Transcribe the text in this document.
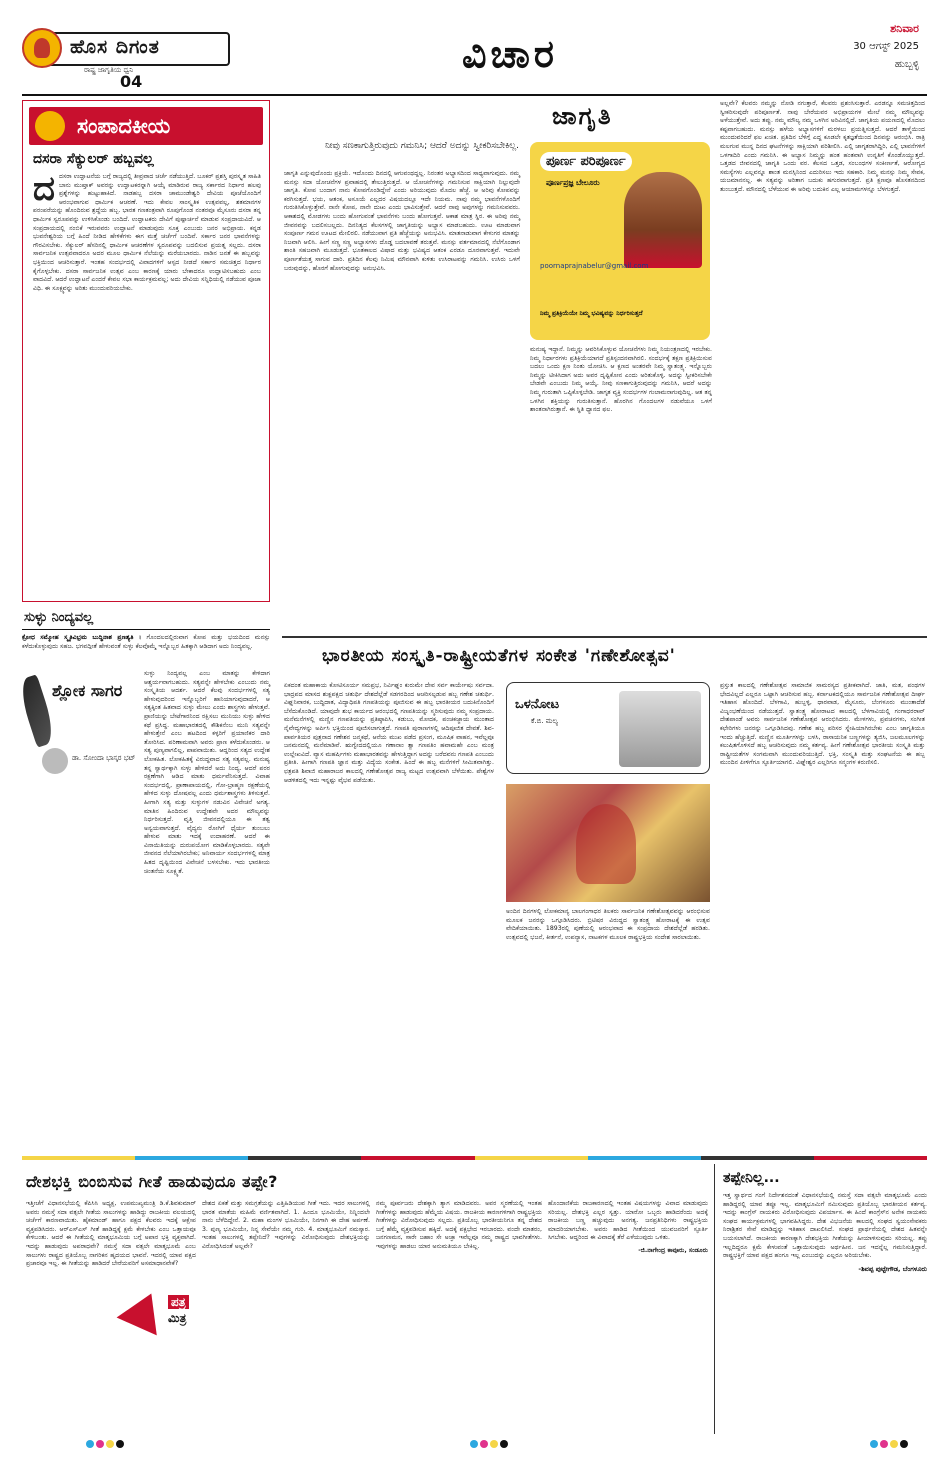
ಹೊಸ ದಿಗಂತ
ರಾಷ್ಟ್ರ ಜಾಗೃತಿಯ ಧ್ವನಿ
04
ವಿಚಾರ
ಶನಿವಾರ
30 ಆಗಸ್ಟ್ 2025
ಹುಬ್ಬಳ್ಳಿ
ಸಂಪಾದಕೀಯ
ದಸರಾ ಸೆಕ್ಯುಲರ್ ಹಬ್ಬವಲ್ಲ
ದದಸರಾ ಉದ್ಘಾಟನೆಯ ಬಗ್ಗೆ ರಾಜ್ಯದಲ್ಲಿ ತೀವ್ರವಾದ ಚರ್ಚೆ ನಡೆಯುತ್ತಿದೆ. ಬೂಕರ್ ಪ್ರಶಸ್ತಿ ಪುರಸ್ಕೃತ ಸಾಹಿತಿ ಬಾನು ಮುಷ್ತಾಕ್ ಅವರನ್ನು ಉದ್ಘಾಟಕರನ್ನಾಗಿ ಆಯ್ಕೆ ಮಾಡಿರುವ ರಾಜ್ಯ ಸರ್ಕಾರದ ನಿರ್ಧಾರ ಹಲವು ಪ್ರಶ್ನೆಗಳನ್ನು ಹುಟ್ಟುಹಾಕಿದೆ. ನಾಡಹಬ್ಬ ದಸರಾ ಚಾಮುಂಡೇಶ್ವರಿ ದೇವಿಯ ಪೂಜೆಯೊಂದಿಗೆ ಆರಂಭವಾಗುವ ಧಾರ್ಮಿಕ ಆಚರಣೆ. ಇದು ಕೇವಲ ಸಾಂಸ್ಕೃತಿಕ ಉತ್ಸವವಲ್ಲ, ಶತಮಾನಗಳ ಪರಂಪರೆಯನ್ನು ಹೊಂದಿರುವ ಶ್ರದ್ಧೆಯ ಹಬ್ಬ. ಭಾರತ ಗಣತಂತ್ರವಾಗಿ ರೂಪುಗೊಂಡ ನಂತರವೂ ಮೈಸೂರು ದಸರಾ ತನ್ನ ಧಾರ್ಮಿಕ ಸ್ವರೂಪವನ್ನು ಉಳಿಸಿಕೊಂಡು ಬಂದಿದೆ. ಉದ್ಘಾಟಕರು ದೇವಿಗೆ ಪುಷ್ಪಾರ್ಚನೆ ಮಾಡುವ ಸಂಪ್ರದಾಯವಿದೆ. ಆ ಸಂಪ್ರದಾಯದಲ್ಲಿ ನಂಬಿಕೆ ಇರುವವರು ಉದ್ಘಾಟನೆ ಮಾಡುವುದು ಸೂಕ್ತ ಎಂಬುದು ಜನರ ಅಭಿಪ್ರಾಯ. ಕನ್ನಡ ಭುವನೇಶ್ವರಿಯ ಬಗ್ಗೆ ಹಿಂದೆ ನೀಡಿದ ಹೇಳಿಕೆಗಳು ಈಗ ಮತ್ತೆ ಚರ್ಚೆಗೆ ಬಂದಿವೆ. ಸರ್ಕಾರ ಜನರ ಭಾವನೆಗಳನ್ನು ಗೌರವಿಸಬೇಕು. ಸೆಕ್ಯುಲರ್ ಹೆಸರಿನಲ್ಲಿ ಧಾರ್ಮಿಕ ಆಚರಣೆಗಳ ಸ್ವರೂಪವನ್ನು ಬದಲಿಸುವ ಪ್ರಯತ್ನ ಸಲ್ಲದು. ದಸರಾ ಸಾರ್ವಜನಿಕ ಉತ್ಸವವಾದರೂ ಅದರ ಮೂಲ ಧಾರ್ಮಿಕ ನೆಲೆಯನ್ನು ಮರೆಯಬಾರದು. ನಾಡಿನ ಜನತೆ ಈ ಹಬ್ಬವನ್ನು ಭಕ್ತಿಯಿಂದ ಆಚರಿಸುತ್ತಾರೆ. ಇಂತಹ ಸಂದರ್ಭದಲ್ಲಿ ವಿವಾದಗಳಿಗೆ ಆಸ್ಪದ ನೀಡದೆ ಸರ್ಕಾರ ಸಮಚಿತ್ತದ ನಿರ್ಧಾರ ಕೈಗೊಳ್ಳಬೇಕು. ದಸರಾ ಸಾರ್ವಜನಿಕ ಉತ್ಸವ ಎಂಬ ಕಾರಣಕ್ಕೆ ಯಾರು ಬೇಕಾದರೂ ಉದ್ಘಾಟಿಸಬಹುದು ಎಂಬ ವಾದವಿದೆ. ಆದರೆ ಉದ್ಘಾಟನೆ ಎಂದರೆ ಕೇವಲ ಸಭಾ ಕಾರ್ಯಕ್ರಮವಲ್ಲ; ಅದು ದೇವಿಯ ಸನ್ನಿಧಿಯಲ್ಲಿ ನಡೆಯುವ ಪೂಜಾ ವಿಧಿ. ಈ ಸೂಕ್ಷ್ಮವನ್ನು ಅರಿತು ಮುಂದುವರಿಯಬೇಕು.
ಸುಳ್ಳು ನಿಂದ್ಯವಲ್ಲ
ಕ್ರೋಧ ಸಮ್ಮೋಹ ಸ್ಮೃತಿವಿಭ್ರಮ ಬುದ್ಧಿನಾಶ ಪ್ರಣಶ್ಯತಿ । ಗೊಂದಲದಲ್ಲಿರುವಾಗ ಕೋಪ ಮತ್ತು ಭಯದಿಂದ ಮನಸ್ಸು ಕಳೆದುಕೊಳ್ಳುವುದು ಸಹಜ. ಭಗವದ್ಗೀತೆ ಹೇಳುವಂತೆ ಸುಳ್ಳು ಕೆಲವೊಮ್ಮೆ ಇನ್ನೊಬ್ಬರ ಹಿತಕ್ಕಾಗಿ ಆಡಿದಾಗ ಅದು ನಿಂದ್ಯವಲ್ಲ.
ಶ್ಲೋಕ ಸಾಗರ
ಡಾ. ಸೋಂದಾ ಭಾಸ್ಕರ ಭಟ್
ಸುಳ್ಳು ನಿಂದ್ಯವಲ್ಲ ಎಂಬ ಮಾತನ್ನು ಕೇಳಿದಾಗ ಆಶ್ಚರ್ಯವಾಗಬಹುದು. ಸತ್ಯವನ್ನೇ ಹೇಳಬೇಕು ಎಂಬುದು ನಮ್ಮ ಸಂಸ್ಕೃತಿಯ ಆದರ್ಶ. ಆದರೆ ಕೆಲವು ಸಂದರ್ಭಗಳಲ್ಲಿ ಸತ್ಯ ಹೇಳುವುದರಿಂದ ಇನ್ನೊಬ್ಬರಿಗೆ ಹಾನಿಯಾಗುವುದಾದರೆ, ಆ ಸತ್ಯಕ್ಕಿಂತ ಹಿತವಾದ ಸುಳ್ಳು ಮೇಲು ಎಂದು ಶಾಸ್ತ್ರಗಳು ಹೇಳುತ್ತವೆ. ಪ್ರಾಣಿಯನ್ನು ಬೇಟೆಗಾರನಿಂದ ರಕ್ಷಿಸಲು ಮುನಿಯು ಸುಳ್ಳು ಹೇಳಿದ ಕಥೆ ಪ್ರಸಿದ್ಧ. ಮಹಾಭಾರತದಲ್ಲಿ ಕೌಶಿಕನೆಂಬ ಮುನಿ ಸತ್ಯವನ್ನೇ ಹೇಳುತ್ತೇನೆ ಎಂಬ ಹಟದಿಂದ ಕಳ್ಳರಿಗೆ ಪ್ರಯಾಣಿಕರ ದಾರಿ ತೋರಿಸಿದ. ಪರಿಣಾಮವಾಗಿ ಅವರು ಪ್ರಾಣ ಕಳೆದುಕೊಂಡರು. ಆ ಸತ್ಯ ಪುಣ್ಯವಾಗಲಿಲ್ಲ, ಪಾಪವಾಯಿತು. ಆದ್ದರಿಂದ ಸತ್ಯದ ಉದ್ದೇಶ ಲೋಕಹಿತ. ಲೋಕಹಿತಕ್ಕೆ ವಿರುದ್ಧವಾದ ಸತ್ಯ ಸತ್ಯವಲ್ಲ. ಮನುಷ್ಯ ತನ್ನ ಸ್ವಾರ್ಥಕ್ಕಾಗಿ ಸುಳ್ಳು ಹೇಳಿದರೆ ಅದು ನಿಂದ್ಯ. ಆದರೆ ಪರರ ರಕ್ಷಣೆಗಾಗಿ ಆಡಿದ ಮಾತು ಧರ್ಮವೆನಿಸುತ್ತದೆ. ವಿವಾಹ ಸಂದರ್ಭದಲ್ಲಿ, ಪ್ರಾಣಾಪಾಯದಲ್ಲಿ, ಗೋ-ಬ್ರಾಹ್ಮಣ ರಕ್ಷಣೆಯಲ್ಲಿ ಹೇಳಿದ ಸುಳ್ಳು ದೋಷವಲ್ಲ ಎಂದು ಧರ್ಮಶಾಸ್ತ್ರಗಳು ತಿಳಿಸುತ್ತವೆ. ಹೀಗಾಗಿ ಸತ್ಯ ಮತ್ತು ಸುಳ್ಳುಗಳ ನಡುವಿನ ವಿವೇಚನೆ ಅಗತ್ಯ. ಮಾತಿನ ಹಿಂದಿರುವ ಉದ್ದೇಶವೇ ಅದರ ಮೌಲ್ಯವನ್ನು ನಿರ್ಧರಿಸುತ್ತದೆ. ವೃತ್ತಿ ಜೀವನದಲ್ಲಿಯೂ ಈ ತತ್ವ ಅನ್ವಯವಾಗುತ್ತದೆ. ವೈದ್ಯನು ರೋಗಿಗೆ ಧೈರ್ಯ ತುಂಬಲು ಹೇಳುವ ಮಾತು ಇದಕ್ಕೆ ಉದಾಹರಣೆ. ಆದರೆ ಈ ವಿನಾಯಿತಿಯನ್ನು ದುರುಪಯೋಗ ಮಾಡಿಕೊಳ್ಳಬಾರದು. ಸತ್ಯವೇ ಜೀವನದ ನೆಲೆಯಾಗಿರಬೇಕು; ಅನಿವಾರ್ಯ ಸಂದರ್ಭಗಳಲ್ಲಿ ಮಾತ್ರ ಹಿತದ ದೃಷ್ಟಿಯಿಂದ ವಿವೇಚನೆ ಬಳಸಬೇಕು. ಇದು ಭಾರತೀಯ ಚಿಂತನೆಯ ಸೂಕ್ಷ್ಮತೆ.
ನೀವು ಸಣಕಾಗುತ್ತಿರುವುದು ಗಮನಿಸಿ; ಆದರೆ ಅದನ್ನು ಸ್ವೀಕರಿಸಬೇಕಿಲ್ಲ.
ಜಾಗೃತಿ
ಪೂರ್ಣ ಪರಿಪೂರ್ಣ
ಪೂರ್ಣಪ್ರಜ್ಞ ಬೇಲೂರು
poornaprajnabelur@gmail.com
ನಿಮ್ಮ ಪ್ರತಿಕ್ರಿಯೆಯೇ ನಿಮ್ಮ ಭವಿಷ್ಯವನ್ನು ನಿರ್ಧರಿಸುತ್ತದೆ
ಜಾಗೃತಿ ಎನ್ನುವುದೊಂದು ಪ್ರಕ್ರಿಯೆ. ಇದೊಂದು ದಿನದಲ್ಲಿ ಆಗುವಂಥದ್ದಲ್ಲ. ನಿರಂತರ ಅಭ್ಯಾಸದಿಂದ ಸಾಧ್ಯವಾಗುವುದು. ನಮ್ಮ ಮನಸ್ಸು ಸದಾ ಯೋಚನೆಗಳ ಪ್ರವಾಹದಲ್ಲಿ ತೇಲುತ್ತಿರುತ್ತದೆ. ಆ ಯೋಚನೆಗಳನ್ನು ಗಮನಿಸುವ ಸಾಕ್ಷಿಯಾಗಿ ನಿಲ್ಲುವುದೇ ಜಾಗೃತಿ. ಕೋಪ ಬಂದಾಗ ನಾನು ಕೋಪಗೊಂಡಿದ್ದೇನೆ ಎಂದು ಅರಿಯುವುದು ಮೊದಲ ಹೆಜ್ಜೆ. ಆ ಅರಿವು ಕೋಪವನ್ನು ಕರಗಿಸುತ್ತದೆ. ಭಯ, ಆತಂಕ, ಅಸೂಯೆ ಎಲ್ಲದರ ವಿಷಯದಲ್ಲೂ ಇದೇ ನಿಯಮ. ನಾವು ನಮ್ಮ ಭಾವನೆಗಳೊಂದಿಗೆ ಗುರುತಿಸಿಕೊಳ್ಳುತ್ತೇವೆ. ನಾನೇ ಕೋಪ, ನಾನೇ ದುಃಖ ಎಂದು ಭಾವಿಸುತ್ತೇವೆ. ಆದರೆ ನಾವು ಅವುಗಳನ್ನು ಗಮನಿಸುವವರು. ಆಕಾಶದಲ್ಲಿ ಮೋಡಗಳು ಬಂದು ಹೋಗುವಂತೆ ಭಾವನೆಗಳು ಬಂದು ಹೋಗುತ್ತವೆ. ಆಕಾಶ ಮಾತ್ರ ಸ್ಥಿರ. ಈ ಅರಿವು ನಮ್ಮ ಜೀವನವನ್ನು ಬದಲಿಸಬಲ್ಲದು. ದಿನನಿತ್ಯದ ಕೆಲಸಗಳಲ್ಲಿ ಜಾಗೃತಿಯನ್ನು ಅಭ್ಯಾಸ ಮಾಡಬಹುದು. ಊಟ ಮಾಡುವಾಗ ಸಂಪೂರ್ಣ ಗಮನ ಊಟದ ಮೇಲಿರಲಿ. ನಡೆಯುವಾಗ ಪ್ರತಿ ಹೆಜ್ಜೆಯನ್ನು ಅನುಭವಿಸಿ. ಮಾತನಾಡುವಾಗ ಕೇಳುಗರ ಮಾತನ್ನು ನಿಜವಾಗಿ ಆಲಿಸಿ. ಹೀಗೆ ಸಣ್ಣ ಸಣ್ಣ ಅಭ್ಯಾಸಗಳು ದೊಡ್ಡ ಬದಲಾವಣೆ ತರುತ್ತವೆ. ಮನಸ್ಸು ವರ್ತಮಾನದಲ್ಲಿ ನೆಲೆಗೊಂಡಾಗ ಶಾಂತಿ ಸಹಜವಾಗಿ ಮೂಡುತ್ತದೆ. ಭೂತಕಾಲದ ವಿಷಾದ ಮತ್ತು ಭವಿಷ್ಯದ ಆತಂಕ ಎರಡೂ ದೂರವಾಗುತ್ತವೆ. ಇದುವೇ ಪೂರ್ಣತೆಯತ್ತ ಸಾಗುವ ದಾರಿ. ಪ್ರತಿದಿನ ಕೆಲವು ನಿಮಿಷ ಮೌನವಾಗಿ ಕುಳಿತು ಉಸಿರಾಟವನ್ನು ಗಮನಿಸಿ. ಉಸಿರು ಒಳಗೆ ಬರುವುದನ್ನು, ಹೊರಗೆ ಹೋಗುವುದನ್ನು ಅನುಭವಿಸಿ.
ಮನುಷ್ಯ ಇದ್ದಾನೆ. ನಿಮ್ಮನ್ನು ಆವರಿಸಿಕೊಳ್ಳುವ ಯೋಚನೆಗಳು ನಿಮ್ಮ ನಿಯಂತ್ರಣದಲ್ಲಿ ಇರಬೇಕು. ನಿಮ್ಮ ನಿರ್ಧಾರಗಳು ಪ್ರತಿಕ್ರಿಯೆಯಾಗದೆ ಪ್ರತಿಸ್ಪಂದನವಾಗಿರಲಿ. ಸಂದರ್ಭಕ್ಕೆ ತಕ್ಷಣ ಪ್ರತಿಕ್ರಿಯಿಸುವ ಬದಲು ಒಂದು ಕ್ಷಣ ನಿಂತು ಯೋಚಿಸಿ. ಆ ಕ್ಷಣದ ಅಂತರವೇ ನಿಮ್ಮ ಸ್ವಾತಂತ್ರ್ಯ. ಇನ್ನೊಬ್ಬರು ನಿಮ್ಮನ್ನು ಟೀಕಿಸಿದಾಗ ಅದು ಅವರ ದೃಷ್ಟಿಕೋನ ಎಂದು ಅರಿತುಕೊಳ್ಳಿ. ಅದನ್ನು ಸ್ವೀಕರಿಸಬೇಕೇ ಬೇಡವೇ ಎಂಬುದು ನಿಮ್ಮ ಆಯ್ಕೆ. ನೀವು ಸಣಕಾಗುತ್ತಿರುವುದನ್ನು ಗಮನಿಸಿ, ಆದರೆ ಅದನ್ನು ನಿಮ್ಮ ಗುರುತಾಗಿ ಒಪ್ಪಿಕೊಳ್ಳಬೇಡಿ. ಜಾಗೃತ ವ್ಯಕ್ತಿ ಸಂದರ್ಭಗಳ ಗುಲಾಮನಾಗುವುದಿಲ್ಲ. ಆತ ತನ್ನ ಒಳಗಿನ ಶಕ್ತಿಯನ್ನು ಗುರುತಿಸುತ್ತಾನೆ. ಹೊರಗಿನ ಗೊಂದಲಗಳ ನಡುವೆಯೂ ಒಳಗೆ ಶಾಂತನಾಗಿರುತ್ತಾನೆ. ಈ ಸ್ಥಿತಿ ಧ್ಯಾನದ ಫಲ.
ಅಲ್ಲವೇ? ಕೆಲವರು ನಮ್ಮನ್ನು ನೋಡಿ ನಗುತ್ತಾರೆ, ಕೆಲವರು ಪ್ರಶಂಸಿಸುತ್ತಾರೆ. ಎರಡನ್ನೂ ಸಮಚಿತ್ತದಿಂದ ಸ್ವೀಕರಿಸುವುದೇ ಪರಿಪೂರ್ಣತೆ. ನಾವು ಬೇರೆಯವರ ಅಭಿಪ್ರಾಯಗಳ ಮೇಲೆ ನಮ್ಮ ಮೌಲ್ಯವನ್ನು ಅಳೆಯುತ್ತೇವೆ. ಅದು ತಪ್ಪು. ನಮ್ಮ ಮೌಲ್ಯ ನಮ್ಮ ಒಳಗಿನ ಅರಿವಿನಲ್ಲಿದೆ. ಜಾಗೃತಿಯ ಪಯಣದಲ್ಲಿ ಮೊದಲು ಕಷ್ಟವಾಗಬಹುದು. ಮನಸ್ಸು ಹಳೆಯ ಅಭ್ಯಾಸಗಳಿಗೆ ಮರಳಲು ಪ್ರಯತ್ನಿಸುತ್ತದೆ. ಆದರೆ ತಾಳ್ಮೆಯಿಂದ ಮುಂದುವರಿದರೆ ಫಲ ಖಚಿತ. ಪ್ರತಿದಿನ ಬೆಳಿಗ್ಗೆ ಎದ್ದ ಕೂಡಲೇ ಕೃತಜ್ಞತೆಯಿಂದ ದಿನವನ್ನು ಆರಂಭಿಸಿ. ರಾತ್ರಿ ಮಲಗುವ ಮುನ್ನ ದಿನದ ಘಟನೆಗಳನ್ನು ಸಾಕ್ಷಿಯಾಗಿ ಪರಿಶೀಲಿಸಿ. ಎಲ್ಲಿ ಜಾಗೃತರಾಗಿದ್ದಿರಿ, ಎಲ್ಲಿ ಭಾವನೆಗಳಿಗೆ ಒಳಗಾದಿರಿ ಎಂದು ಗಮನಿಸಿ. ಈ ಅಭ್ಯಾಸ ನಿಮ್ಮನ್ನು ಹಂತ ಹಂತವಾಗಿ ಉನ್ನತಿಗೆ ಕೊಂಡೊಯ್ಯುತ್ತದೆ. ಒತ್ತಡದ ಜೀವನದಲ್ಲಿ ಜಾಗೃತಿ ಒಂದು ವರ. ಕೆಲಸದ ಒತ್ತಡ, ಸಂಬಂಧಗಳ ಸಂಕೀರ್ಣತೆ, ಆರೋಗ್ಯದ ಸಮಸ್ಯೆಗಳು ಎಲ್ಲವನ್ನೂ ಶಾಂತ ಮನಸ್ಸಿನಿಂದ ಎದುರಿಸಲು ಇದು ಸಹಕಾರಿ. ನಿಮ್ಮ ಮನಸ್ಸು ನಿಮ್ಮ ಸೇವಕ, ಯಜಮಾನನಲ್ಲ. ಈ ಸತ್ಯವನ್ನು ಅರಿತಾಗ ಬದುಕು ಹಗುರವಾಗುತ್ತದೆ. ಪ್ರತಿ ಕ್ಷಣವೂ ಹೊಸತನದಿಂದ ತುಂಬುತ್ತದೆ. ಮೌನದಲ್ಲಿ ಬೆಳೆಯುವ ಈ ಅರಿವು ಬದುಕಿನ ಎಲ್ಲ ಆಯಾಮಗಳನ್ನೂ ಬೆಳಗುತ್ತದೆ.
ಭಾರತೀಯ ಸಂಸ್ಕೃತಿ-ರಾಷ್ಟ್ರೀಯತೆಗಳ ಸಂಕೇತ 'ಗಣೇಶೋತ್ಸವ'
ಏಕದಂತ ಮಹಾಕಾಯ ಕೋಟಿಸೂರ್ಯ ಸಮಪ್ರಭ, ನಿರ್ವಿಘ್ನಂ ಕುರುಮೇ ದೇವ ಸರ್ವ ಕಾರ್ಯೇಷು ಸರ್ವದಾ. ಭಾದ್ರಪದ ಮಾಸದ ಶುಕ್ಲಪಕ್ಷದ ಚತುರ್ಥಿ ದೇಶದೆಲ್ಲೆಡೆ ಸಡಗರದಿಂದ ಆಚರಿಸಲ್ಪಡುವ ಹಬ್ಬ ಗಣೇಶ ಚತುರ್ಥಿ. ವಿಘ್ನನಿವಾರಕ, ಬುದ್ಧಿದಾತ, ವಿದ್ಯಾಧಿಪತಿ ಗಣಪತಿಯನ್ನು ಪೂಜಿಸುವ ಈ ಹಬ್ಬ ಭಾರತೀಯರ ಬದುಕಿನೊಂದಿಗೆ ಬೆಸೆದುಕೊಂಡಿದೆ. ಯಾವುದೇ ಶುಭ ಕಾರ್ಯದ ಆರಂಭದಲ್ಲಿ ಗಣಪತಿಯನ್ನು ಸ್ಮರಿಸುವುದು ನಮ್ಮ ಸಂಪ್ರದಾಯ. ಮನೆಮನೆಗಳಲ್ಲಿ ಮಣ್ಣಿನ ಗಣಪತಿಯನ್ನು ಪ್ರತಿಷ್ಠಾಪಿಸಿ, ಕಡುಬು, ಮೋದಕ, ಪಂಚಕಜ್ಜಾಯ ಮುಂತಾದ ನೈವೇದ್ಯಗಳನ್ನು ಅರ್ಪಿಸಿ ಭಕ್ತಿಯಿಂದ ಪೂಜಿಸಲಾಗುತ್ತದೆ. ಗಣಪತಿ ಪುರಾಣಗಳಲ್ಲಿ ಆದಿಪೂಜಿತ ದೇವತೆ. ಶಿವ-ಪಾರ್ವತಿಯರ ಪುತ್ರನಾದ ಗಣೇಶನ ಜನ್ಮಕಥೆ, ಆನೆಯ ಮುಖ ಪಡೆದ ಪ್ರಸಂಗ, ಮೂಷಿಕ ವಾಹನ, ಇವೆಲ್ಲವೂ ಜನಮನದಲ್ಲಿ ಮನೆಮಾಡಿವೆ. ಋಗ್ವೇದದಲ್ಲಿಯೂ ಗಣಾನಾಂ ತ್ವಾ ಗಣಪತಿಂ ಹವಾಮಹೇ ಎಂಬ ಮಂತ್ರ ಉಲ್ಲೇಖವಿದೆ. ವ್ಯಾಸ ಮಹರ್ಷಿಗಳು ಮಹಾಭಾರತವನ್ನು ಹೇಳುತ್ತಿದ್ದಾಗ ಅದನ್ನು ಬರೆದವನು ಗಣಪತಿ ಎಂಬುದು ಪ್ರತೀತಿ. ಹೀಗಾಗಿ ಗಣಪತಿ ಜ್ಞಾನ ಮತ್ತು ವಿದ್ಯೆಯ ಸಂಕೇತ. ಹಿಂದೆ ಈ ಹಬ್ಬ ಮನೆಗಳಿಗೆ ಸೀಮಿತವಾಗಿತ್ತು. ಛತ್ರಪತಿ ಶಿವಾಜಿ ಮಹಾರಾಜರ ಕಾಲದಲ್ಲಿ ಗಣೇಶೋತ್ಸವ ರಾಜ್ಯ ಮಟ್ಟದ ಉತ್ಸವವಾಗಿ ಬೆಳೆಯಿತು. ಪೇಶ್ವೆಗಳ ಆಡಳಿತದಲ್ಲಿ ಇದು ಇನ್ನಷ್ಟು ವೈಭವ ಪಡೆಯಿತು.
ಒಳನೋಟ
ಕೆ.ಬಿ. ಮಲ್ಯ
ಅಂದಿನ ದಿನಗಳಲ್ಲಿ ಲೋಕಮಾನ್ಯ ಬಾಲಗಂಗಾಧರ ತಿಲಕರು ಸಾರ್ವಜನಿಕ ಗಣೇಶೋತ್ಸವವನ್ನು ಆರಂಭಿಸುವ ಮೂಲಕ ಜನರನ್ನು ಒಗ್ಗೂಡಿಸಿದರು. ಬ್ರಿಟಿಷರ ವಿರುದ್ಧದ ಸ್ವಾತಂತ್ರ್ಯ ಹೋರಾಟಕ್ಕೆ ಈ ಉತ್ಸವ ವೇದಿಕೆಯಾಯಿತು. 1893ರಲ್ಲಿ ಪುಣೆಯಲ್ಲಿ ಆರಂಭವಾದ ಈ ಸಂಪ್ರದಾಯ ದೇಶದೆಲ್ಲೆಡೆ ಹರಡಿತು. ಉತ್ಸವದಲ್ಲಿ ಭಜನೆ, ಕೀರ್ತನೆ, ಉಪನ್ಯಾಸ, ನಾಟಕಗಳ ಮೂಲಕ ರಾಷ್ಟ್ರಭಕ್ತಿಯ ಸಂದೇಶ ಸಾರಲಾಯಿತು.
ಪ್ರಸ್ತುತ ಕಾಲದಲ್ಲಿ ಗಣೇಶೋತ್ಸವ ಸಾಮಾಜಿಕ ಸಾಮರಸ್ಯದ ಪ್ರತೀಕವಾಗಿದೆ. ಜಾತಿ, ಮತ, ಪಂಥಗಳ ಭೇದವಿಲ್ಲದೆ ಎಲ್ಲರೂ ಒಟ್ಟಾಗಿ ಆಚರಿಸುವ ಹಬ್ಬ. ಕರ್ನಾಟಕದಲ್ಲಿಯೂ ಸಾರ್ವಜನಿಕ ಗಣೇಶೋತ್ಸವ ದೀರ್ಘ ಇತಿಹಾಸ ಹೊಂದಿದೆ. ಬೆಳಗಾವಿ, ಹುಬ್ಬಳ್ಳಿ, ಧಾರವಾಡ, ಮೈಸೂರು, ಬೆಂಗಳೂರು ಮುಂತಾದೆಡೆ ವಿಜೃಂಭಣೆಯಿಂದ ನಡೆಯುತ್ತದೆ. ಸ್ವಾತಂತ್ರ್ಯ ಹೋರಾಟದ ಕಾಲದಲ್ಲಿ ಬೆಳಗಾವಿಯಲ್ಲಿ ಗಂಗಾಧರರಾವ್ ದೇಶಪಾಂಡೆ ಅವರು ಸಾರ್ವಜನಿಕ ಗಣೇಶೋತ್ಸವ ಆರಂಭಿಸಿದರು. ಮೇಳಗಳು, ಪ್ರವಚನಗಳು, ಸಂಗೀತ ಕಛೇರಿಗಳು ಜನರನ್ನು ಒಗ್ಗೂಡಿಸಿದವು. ಗಣೇಶ ಹಬ್ಬ ಪರಿಸರ ಸ್ನೇಹಿಯಾಗಿರಬೇಕು ಎಂಬ ಜಾಗೃತಿಯೂ ಇಂದು ಹೆಚ್ಚುತ್ತಿದೆ. ಮಣ್ಣಿನ ಮೂರ್ತಿಗಳನ್ನು ಬಳಸಿ, ರಾಸಾಯನಿಕ ಬಣ್ಣಗಳನ್ನು ತ್ಯಜಿಸಿ, ಜಲಮೂಲಗಳನ್ನು ಕಲುಷಿತಗೊಳಿಸದೆ ಹಬ್ಬ ಆಚರಿಸುವುದು ನಮ್ಮ ಕರ್ತವ್ಯ. ಹೀಗೆ ಗಣೇಶೋತ್ಸವ ಭಾರತೀಯ ಸಂಸ್ಕೃತಿ ಮತ್ತು ರಾಷ್ಟ್ರೀಯತೆಗಳ ಸಂಗಮವಾಗಿ ಮುಂದುವರಿಯುತ್ತಿದೆ. ಭಕ್ತಿ, ಸಂಸ್ಕೃತಿ ಮತ್ತು ಸಂಘಟನೆಯ ಈ ಹಬ್ಬ ಮುಂದಿನ ಪೀಳಿಗೆಗೂ ಸ್ಫೂರ್ತಿಯಾಗಲಿ. ವಿಘ್ನೇಶ್ವರ ಎಲ್ಲರಿಗೂ ಸನ್ಮಂಗಳ ಕರುಣಿಸಲಿ.
ದೇಶಭಕ್ತಿ ಬಿಂಬಿಸುವ ಗೀತೆ ಹಾಡುವುದೂ ತಪ್ಪೇ?
ಇತ್ತೀಚೆಗೆ ವಿಧಾನಸಭೆಯಲ್ಲಿ ಕೆಪಿಸಿಸಿ ಅಧ್ಯಕ್ಷ, ಉಪಮುಖ್ಯಮಂತ್ರಿ ಡಿ.ಕೆ.ಶಿವಕುಮಾರ್ ಅವರು ನಮಸ್ತೆ ಸದಾ ವತ್ಸಲೇ ಗೀತೆಯ ಸಾಲುಗಳನ್ನು ಹಾಡಿದ್ದು ರಾಜಕೀಯ ವಲಯದಲ್ಲಿ ಚರ್ಚೆಗೆ ಕಾರಣವಾಯಿತು. ಹೈಕಮಾಂಡ್ ಹಾಗೂ ಪಕ್ಷದ ಕೆಲವರು ಇದಕ್ಕೆ ಆಕ್ಷೇಪ ವ್ಯಕ್ತಪಡಿಸಿದರು. ಆರ್‌ಎಸ್‌ಎಸ್ ಗೀತೆ ಹಾಡಿದ್ದಕ್ಕೆ ಕ್ಷಮೆ ಕೇಳಬೇಕು ಎಂಬ ಒತ್ತಾಯವೂ ಕೇಳಿಬಂತು. ಆದರೆ ಈ ಗೀತೆಯಲ್ಲಿ ಮಾತೃಭೂಮಿಯ ಬಗ್ಗೆ ಅಪಾರ ಭಕ್ತಿ ವ್ಯಕ್ತವಾಗಿದೆ. ಇದನ್ನು ಹಾಡುವುದು ಅಪರಾಧವೇ? ನಮಸ್ತೆ ಸದಾ ವತ್ಸಲೇ ಮಾತೃಭೂಮೆ ಎಂಬ ಸಾಲುಗಳು ರಾಷ್ಟ್ರದ ಪ್ರತಿಯೊಬ್ಬ ನಾಗರಿಕನ ಹೃದಯದ ಭಾವನೆ. ಇದರಲ್ಲಿ ಯಾವ ಪಕ್ಷದ ಪ್ರಚಾರವೂ ಇಲ್ಲ. ಈ ಗೀತೆಯನ್ನು ಹಾಡಿದರೆ ಬೇರೆಯವರಿಗೆ ಅಸಮಾಧಾನವೇಕೆ?
ಪತ್ರ
ಮಿತ್ರ
ದೇಶದ ಏಕತೆ ಮತ್ತು ಸಮಗ್ರತೆಯನ್ನು ಎತ್ತಿಹಿಡಿಯುವ ಗೀತೆ ಇದು. ಇದರ ಸಾಲುಗಳಲ್ಲಿ ಭಾರತ ಮಾತೆಯ ಮಹಿಮೆ ವರ್ಣಿತವಾಗಿದೆ. 1. ಹಿಂದೂ ಭೂಮಿಯೇ, ನಿನ್ನಿಂದಲೇ ನಾನು ಬೆಳೆದಿದ್ದೇನೆ. 2. ಮಹಾ ಮಂಗಳ ಭೂಮಿಯೇ, ನಿನಗಾಗಿ ಈ ದೇಹ ಅರ್ಪಣೆ. 3. ಪುಣ್ಯ ಭೂಮಿಯೇ, ನಿನ್ನ ಸೇವೆಯೇ ನಮ್ಮ ಗುರಿ. 4. ಮಾತೃಭೂಮಿಗೆ ನಮಸ್ಕಾರ. ಇಂತಹ ಸಾಲುಗಳಲ್ಲಿ ತಪ್ಪೇನಿದೆ? ಇವುಗಳನ್ನು ವಿರೋಧಿಸುವುದು ದೇಶಭಕ್ತಿಯನ್ನು ವಿರೋಧಿಸಿದಂತೆ ಅಲ್ಲವೇ?
ನಮ್ಮ ಪೂರ್ವಜರು ದೇಶಕ್ಕಾಗಿ ತ್ಯಾಗ ಮಾಡಿದವರು. ಅವರ ಸ್ಮರಣೆಯಲ್ಲಿ ಇಂತಹ ಗೀತೆಗಳನ್ನು ಹಾಡುವುದು ಹೆಮ್ಮೆಯ ವಿಷಯ. ರಾಜಕೀಯ ಕಾರಣಗಳಿಗಾಗಿ ರಾಷ್ಟ್ರಭಕ್ತಿಯ ಗೀತೆಗಳನ್ನು ವಿರೋಧಿಸುವುದು ಸಲ್ಲದು. ಪ್ರತಿಯೊಬ್ಬ ಭಾರತೀಯನಿಗೂ ತನ್ನ ದೇಶದ ಬಗ್ಗೆ ಹೆಮ್ಮೆ ವ್ಯಕ್ತಪಡಿಸುವ ಹಕ್ಕಿದೆ. ಅದಕ್ಕೆ ಪಕ್ಷಭೇದ ಇರಬಾರದು. ವಂದೇ ಮಾತರಂ, ಜನಗಣಮನ, ಸಾರೇ ಜಹಾಂ ಸೇ ಅಚ್ಛಾ ಇವೆಲ್ಲವೂ ನಮ್ಮ ರಾಷ್ಟ್ರದ ಭಾವಗೀತೆಗಳು. ಇವುಗಳನ್ನು ಹಾಡಲು ಯಾರ ಅನುಮತಿಯೂ ಬೇಕಿಲ್ಲ.
ಹೊಂದಾಣಿಕೆಯ ರಾಜಕಾರಣದಲ್ಲಿ ಇಂತಹ ವಿಷಯಗಳನ್ನು ವಿವಾದ ಮಾಡುವುದು ಸರಿಯಲ್ಲ. ದೇಶಭಕ್ತಿ ಎಲ್ಲರ ಸ್ವತ್ತು. ಯಾರೋ ಒಬ್ಬರು ಹಾಡಿದರೆಂದು ಅದಕ್ಕೆ ರಾಜಕೀಯ ಬಣ್ಣ ಹಚ್ಚುವುದು ಅನಗತ್ಯ. ಜನಪ್ರತಿನಿಧಿಗಳು ರಾಷ್ಟ್ರಭಕ್ತಿಯ ಮಾದರಿಯಾಗಬೇಕು. ಅವರು ಹಾಡಿದ ಗೀತೆಯಿಂದ ಯುವಜನರಿಗೆ ಸ್ಫೂರ್ತಿ ಸಿಗಬೇಕು. ಆದ್ದರಿಂದ ಈ ವಿವಾದಕ್ಕೆ ತೆರೆ ಎಳೆಯುವುದು ಒಳಿತು.
-ಜಿ.ನಾಗೇಂದ್ರ ಕಾವೂರು, ಸಂಡೂರು
ತಪ್ಪೇನಿಲ್ಲ...
ಇತ್ತ ಸ್ವಾರ್ಥದ ಗಂಗೆ ನಿರ್ದೇಶನದಂತೆ ವಿಧಾನಸಭೆಯಲ್ಲಿ ನಮಸ್ತೆ ಸದಾ ವತ್ಸಲೇ ಮಾತೃಭೂಮೆ ಎಂದು ಹಾಡಿದ್ದರಲ್ಲಿ ಯಾವ ತಪ್ಪೂ ಇಲ್ಲ. ಮಾತೃಭೂಮಿಗೆ ನಮಿಸುವುದು ಪ್ರತಿಯೊಬ್ಬ ಭಾರತೀಯನ ಕರ್ತವ್ಯ. ಇದನ್ನು ಕಾಂಗ್ರೆಸ್ ನಾಯಕರು ವಿರೋಧಿಸುವುದು ವಿಪರ್ಯಾಸ. ಈ ಹಿಂದೆ ಕಾಂಗ್ರೆಸ್‌ನ ಅನೇಕ ನಾಯಕರು ಸಂಘದ ಕಾರ್ಯಕ್ರಮಗಳಲ್ಲಿ ಭಾಗವಹಿಸಿದ್ದರು. ದೇಶ ವಿಭಜನೆಯ ಕಾಲದಲ್ಲಿ ಸಂಘದ ಸ್ವಯಂಸೇವಕರು ನಿರಾಶ್ರಿತರ ಸೇವೆ ಮಾಡಿದ್ದನ್ನು ಇತಿಹಾಸ ದಾಖಲಿಸಿದೆ. ಸಂಘದ ಪ್ರಾರ್ಥನೆಯಲ್ಲಿ ದೇಶದ ಹಿತವನ್ನೇ ಬಯಸಲಾಗಿದೆ. ರಾಜಕೀಯ ಕಾರಣಕ್ಕಾಗಿ ದೇಶಭಕ್ತಿಯ ಗೀತೆಯನ್ನು ಹೀಯಾಳಿಸುವುದು ಸರಿಯಲ್ಲ. ತಪ್ಪು ಇಲ್ಲದಿದ್ದರೂ ಕ್ಷಮೆ ಕೇಳುವಂತೆ ಒತ್ತಾಯಿಸುವುದು ಅರ್ಥಹೀನ. ಜನ ಇದನ್ನೆಲ್ಲ ಗಮನಿಸುತ್ತಿದ್ದಾರೆ. ರಾಷ್ಟ್ರಭಕ್ತಿಗೆ ಯಾವ ಪಕ್ಷದ ಹಂಗೂ ಇಲ್ಲ ಎಂಬುದನ್ನು ಎಲ್ಲರೂ ಅರಿಯಬೇಕು.
-ಶಿವಪ್ಪ ಪುಟ್ಟೇಗೌಡ, ಬೆಂಗಳೂರು
